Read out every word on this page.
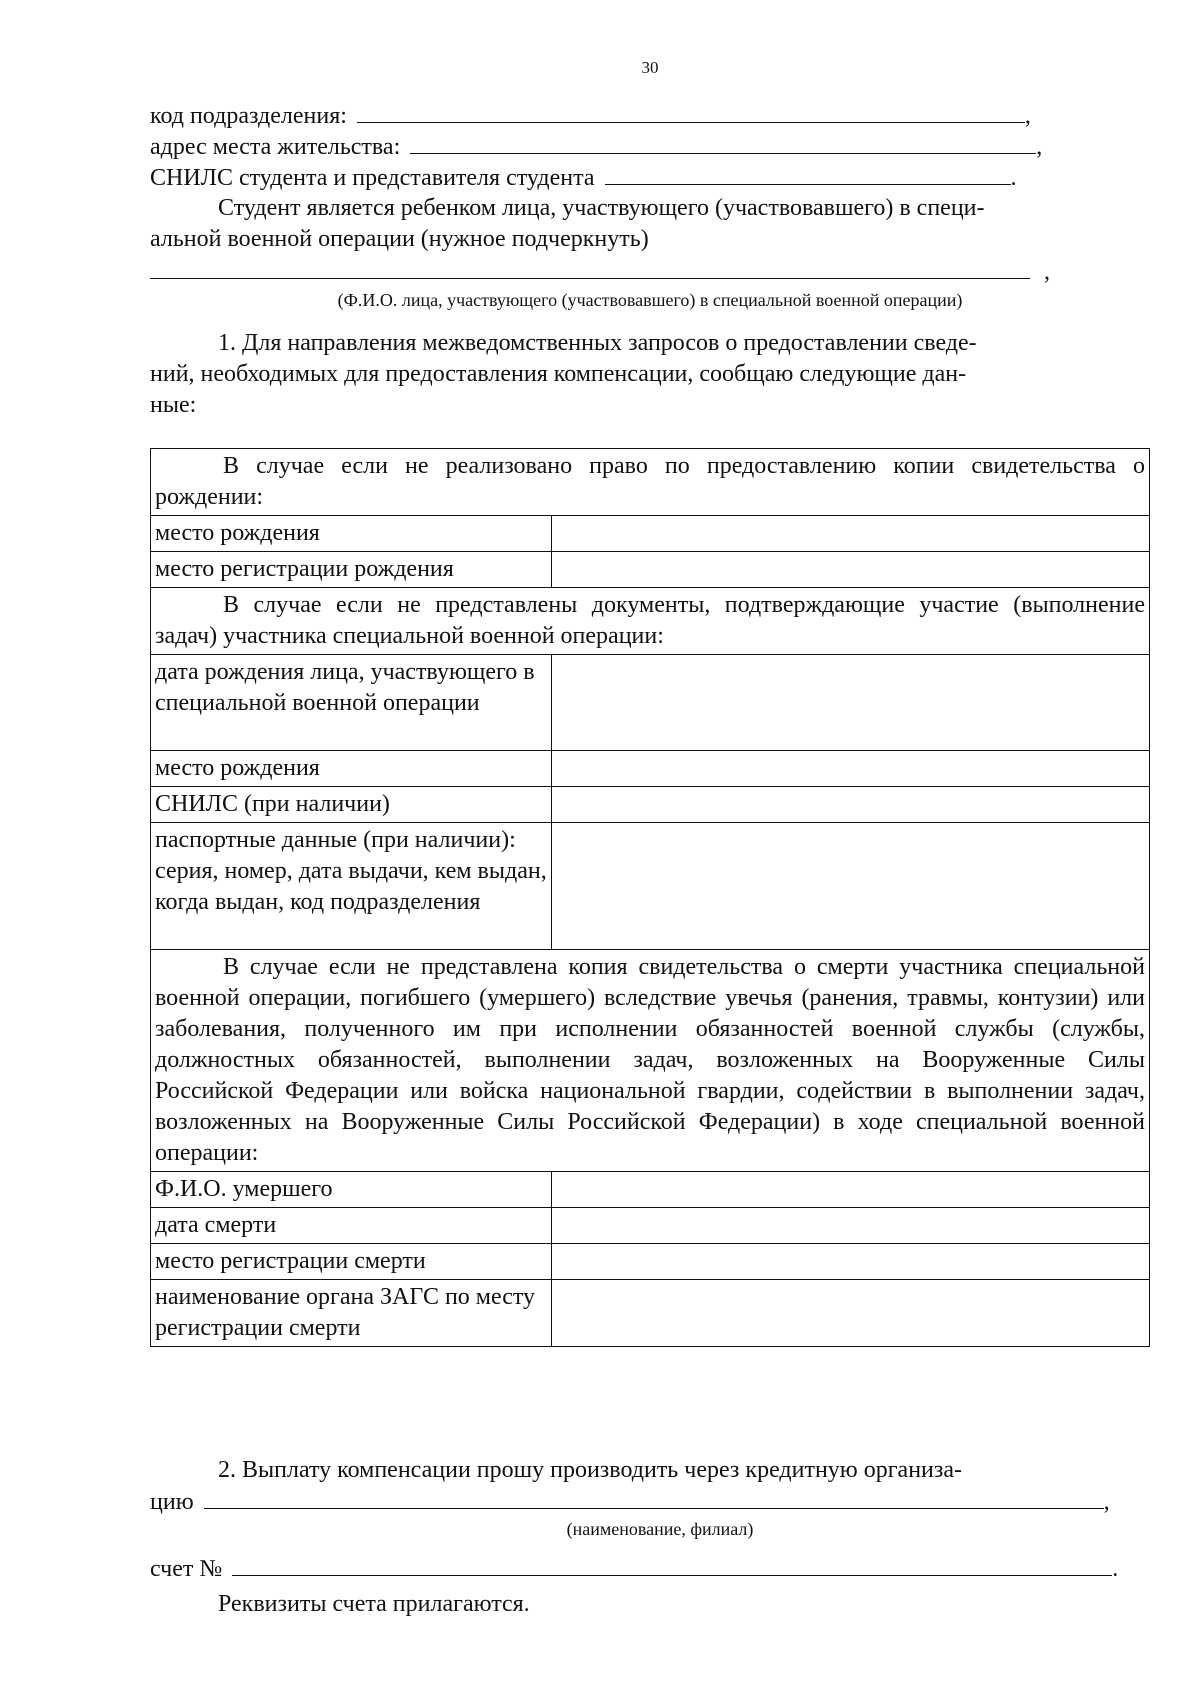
30
код подразделения:	,
адрес места жительства:	,
СНИЛС студента и представителя студента	.
Студент является ребенком лица, участвующего (участвовавшего) в специ-
альной военной операции (нужное подчеркнуть)
,
(Ф.И.О. лица, участвующего (участвовавшего) в специальной военной операции)
1. Для направления межведомственных запросов о предоставлении сведе-
ний, необходимых для предоставления компенсации, сообщаю следующие дан-
ные:
В случае если не реализовано право по предоставлению копии свидетельства о рождении:	
место рождения	
место регистрации рождения	
В случае если не представлены документы, подтверждающие участие (выполнение задач) участника специальной военной операции:	
дата рождения лица, участвующего в специальной военной операции	
место рождения	
СНИЛС (при наличии)	
паспортные данные (при наличии): серия, номер, дата выдачи, кем выдан, когда выдан, код подразделения	
В случае если не представлена копия свидетельства о смерти участника специальной военной операции, погибшего (умершего) вследствие увечья (ранения, травмы, контузии) или заболевания, полученного им при исполнении обязанностей военной службы (службы, должностных обязанностей, выполнении задач, возложенных на Вооруженные Силы Российской Федерации или войска национальной гвардии, содействии в выполнении задач, возложенных на Вооруженные Силы Российской Федерации) в ходе специальной военной операции:	
Ф.И.О. умершего	
дата смерти	
место регистрации смерти	
наименование органа ЗАГС по месту регистрации смерти	
2. Выплату компенсации прошу производить через кредитную организа-
цию	,
(наименование, филиал)
счет №	.
Реквизиты счета прилагаются.
